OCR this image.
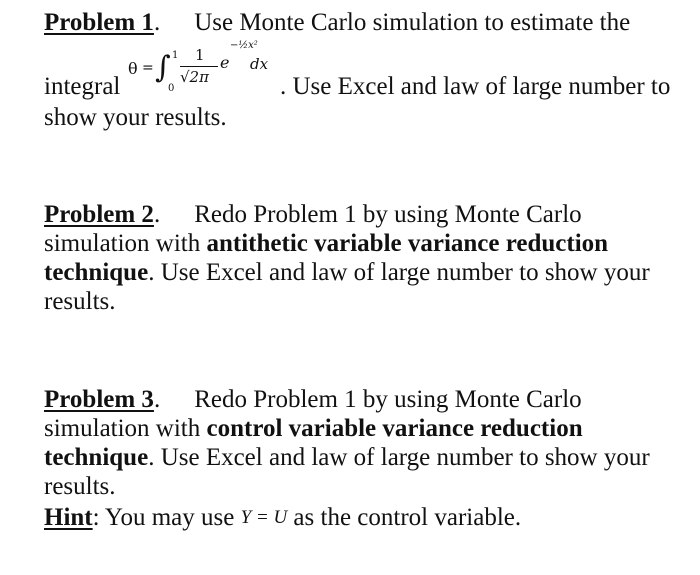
Problem 1. Use Monte Carlo simulation to estimate the
integral
θ = ∫ 1
0
1
√2π
e
−½x²
dx
. Use Excel and law of large number to
show your results.
Problem 2. Redo Problem 1 by using Monte Carlo
simulation with antithetic variable variance reduction
technique. Use Excel and law of large number to show your
results.
Problem 3. Redo Problem 1 by using Monte Carlo
simulation with control variable variance reduction
technique. Use Excel and law of large number to show your
results.
Hint: You may use Y = U as the control variable.
